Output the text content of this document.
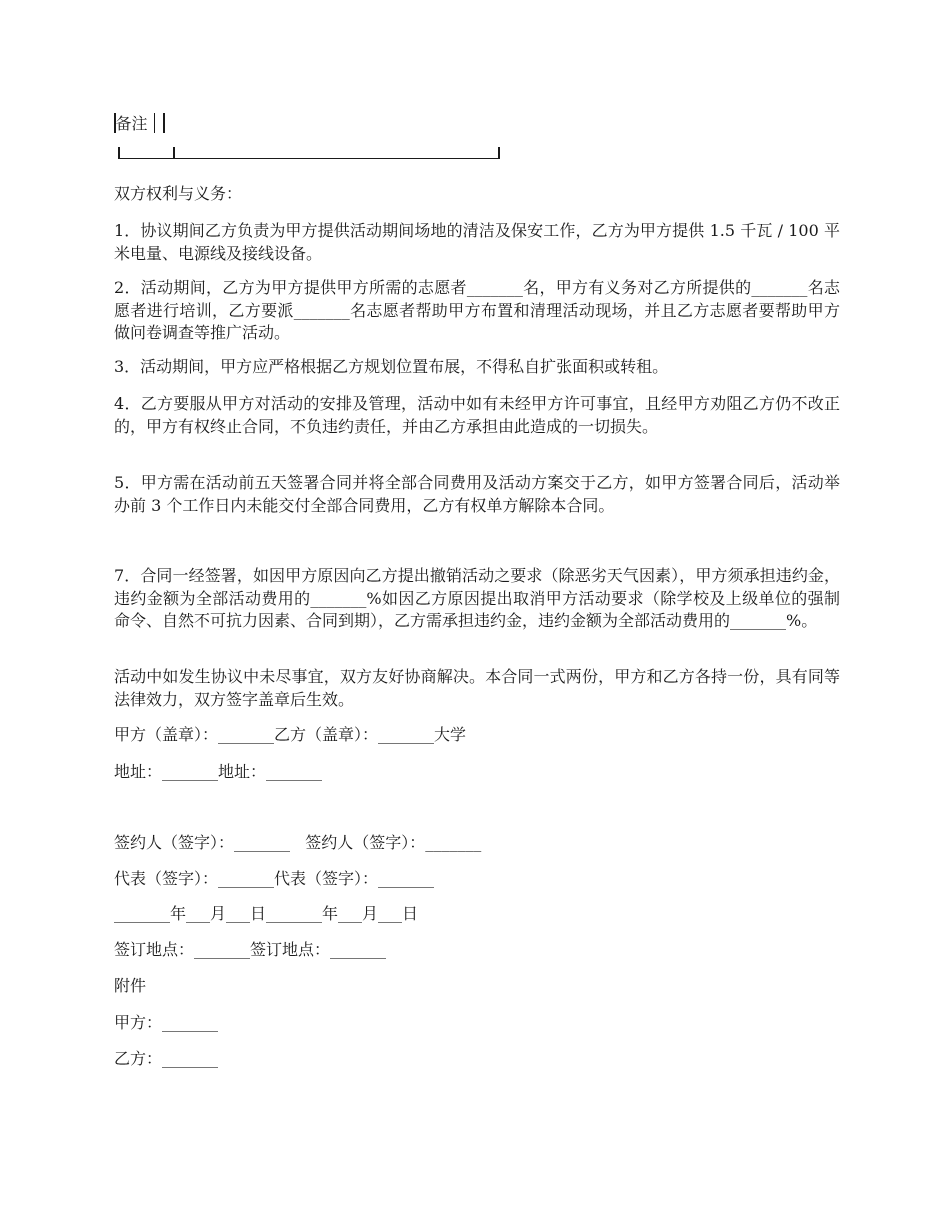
备注
双方权利与义务：
1．协议期间乙方负责为甲方提供活动期间场地的清洁及保安工作，乙方为甲方提供 1.5 千瓦 / 100 平米电量、电源线及接线设备。
2．活动期间，乙方为甲方提供甲方所需的志愿者_______名，甲方有义务对乙方所提供的_______名志愿者进行培训，乙方要派_______名志愿者帮助甲方布置和清理活动现场，并且乙方志愿者要帮助甲方做问卷调查等推广活动。
3．活动期间，甲方应严格根据乙方规划位置布展，不得私自扩张面积或转租。
4．乙方要服从甲方对活动的安排及管理，活动中如有未经甲方许可事宜，且经甲方劝阻乙方仍不改正的，甲方有权终止合同，不负违约责任，并由乙方承担由此造成的一切损失。
5．甲方需在活动前五天签署合同并将全部合同费用及活动方案交于乙方，如甲方签署合同后，活动举办前 3 个工作日内未能交付全部合同费用，乙方有权单方解除本合同。
7．合同一经签署，如因甲方原因向乙方提出撤销活动之要求（除恶劣天气因素），甲方须承担违约金，违约金额为全部活动费用的_______%如因乙方原因提出取消甲方活动要求（除学校及上级单位的强制命令、自然不可抗力因素、合同到期），乙方需承担违约金，违约金额为全部活动费用的_______%。
活动中如发生协议中未尽事宜，双方友好协商解决。本合同一式两份，甲方和乙方各持一份，具有同等法律效力，双方签字盖章后生效。
甲方（盖章）：_______乙方（盖章）：_______大学
地址：_______地址：_______
签约人（签字）：_______   签约人（签字）：_______
代表（签字）：_______代表（签字）：_______
_______年___月___日_______年___月___日
签订地点：_______签订地点：_______
附件
甲方：_______
乙方：_______
